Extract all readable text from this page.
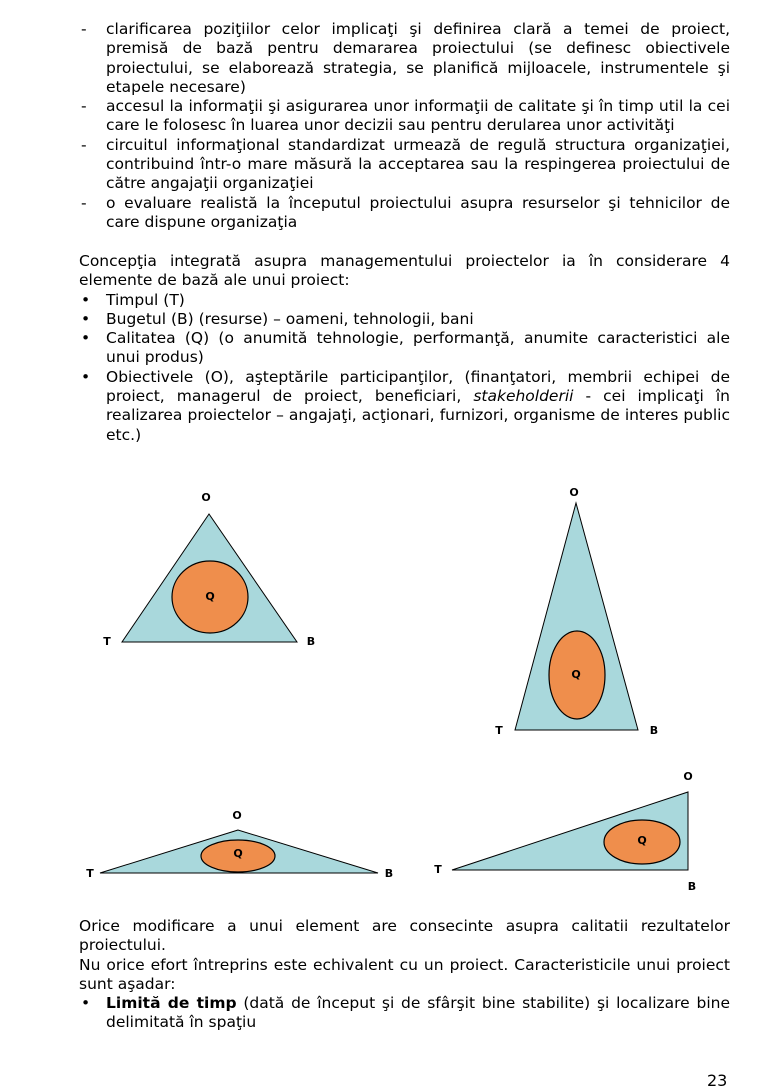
- clarificarea poziţiilor celor implicaţi şi definirea clară a temei de proiect, premisă de bază pentru demararea proiectului (se definesc obiectivele proiectului, se elaborează strategia, se planifică mijloacele, instrumentele şi etapele necesare)
- accesul la informaţii şi asigurarea unor informaţii de calitate şi în timp util la cei care le folosesc în luarea unor decizii sau pentru derularea unor activităţi
- circuitul informaţional standardizat urmează de regulă structura organizaţiei, contribuind într-o mare măsură la acceptarea sau la respingerea proiectului de către angajaţii organizaţiei
- o evaluare realistă la începutul proiectului asupra resurselor şi tehnicilor de care dispune organizaţia
Concepţia integrată asupra managementului proiectelor ia în considerare 4 elemente de bază ale unui proiect:
• Timpul (T)
• Bugetul (B) (resurse) – oameni, tehnologii, bani
• Calitatea (Q) (o anumită tehnologie, performanţă, anumite caracteristici ale unui produs)
• Obiectivele (O), aşteptările participanţilor, (finanţatori, membrii echipei de proiect, managerul de proiect, beneficiari, stakeholderii - cei implicaţi în realizarea proiectelor – angajaţi, acţionari, furnizori, organisme de interes public etc.)
O
T	B
Q
O
T	B
Q
O
T	B
Q
O
T
B
Q
Orice modificare a unui element are consecinte asupra calitatii rezultatelor proiectului.
Nu orice efort întreprins este echivalent cu un proiect. Caracteristicile unui proiect sunt aşadar:
• Limită de timp (dată de început şi de sfârşit bine stabilite) şi localizare bine delimitată în spaţiu
23
